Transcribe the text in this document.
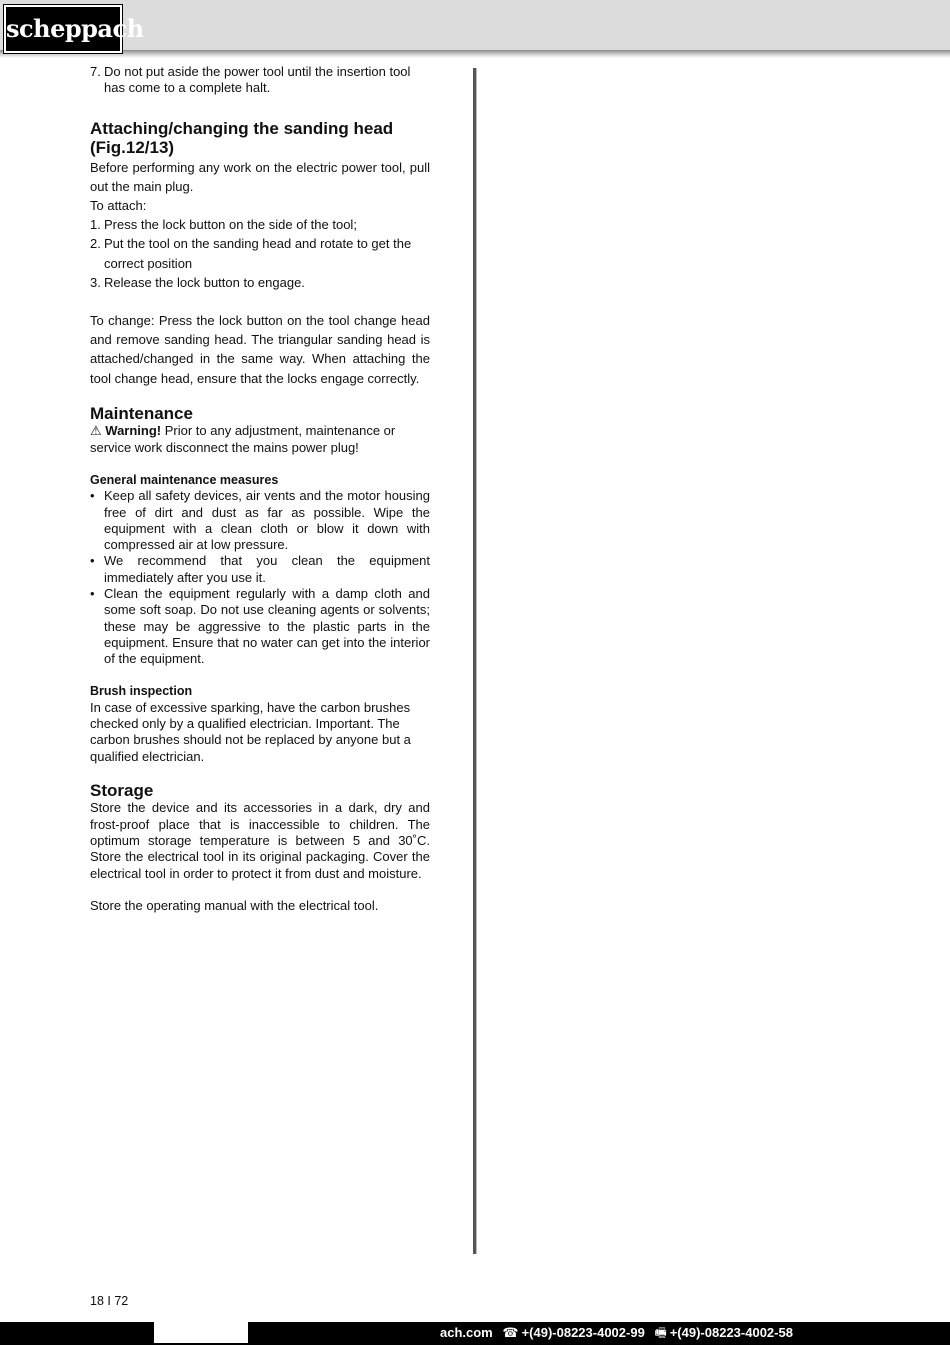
scheppach
7. Do not put aside the power tool until the insertion tool has come to a complete halt.

Attaching/changing the sanding head (Fig.12/13)

Before performing any work on the electric power tool, pull out the main plug.

To attach:

1. Press the lock button on the side of the tool;
2. Put the tool on the sanding head and rotate to get the correct position
3. Release the lock button to engage.

To change: Press the lock button on the tool change head and remove sanding head. The triangular sanding head is attached/changed in the same way. When attaching the tool change head, ensure that the locks engage correctly.

Maintenance

⚠ Warning! Prior to any adjustment, maintenance or service work disconnect the mains power plug!

General maintenance measures

• Keep all safety devices, air vents and the motor housing free of dirt and dust as far as possible. Wipe the equipment with a clean cloth or blow it down with compressed air at low pressure.
• We recommend that you clean the equipment immediately after you use it.
• Clean the equipment regularly with a damp cloth and some soft soap. Do not use cleaning agents or solvents; these may be aggressive to the plastic parts in the equipment. Ensure that no water can get into the interior of the equipment.

Brush inspection

In case of excessive sparking, have the carbon brushes checked only by a qualified electrician. Important. The carbon brushes should not be replaced by anyone but a qualified electrician.

Storage

Store the device and its accessories in a dark, dry and frost-proof place that is inaccessible to children. The optimum storage temperature is between 5 and 30˚C. Store the electrical tool in its original packaging. Cover the electrical tool in order to protect it from dust and moisture.

Store the operating manual with the electrical tool.

18 I 72
ach.com ☎ +(49)-08223-4002-99 🖷 +(49)-08223-4002-58
